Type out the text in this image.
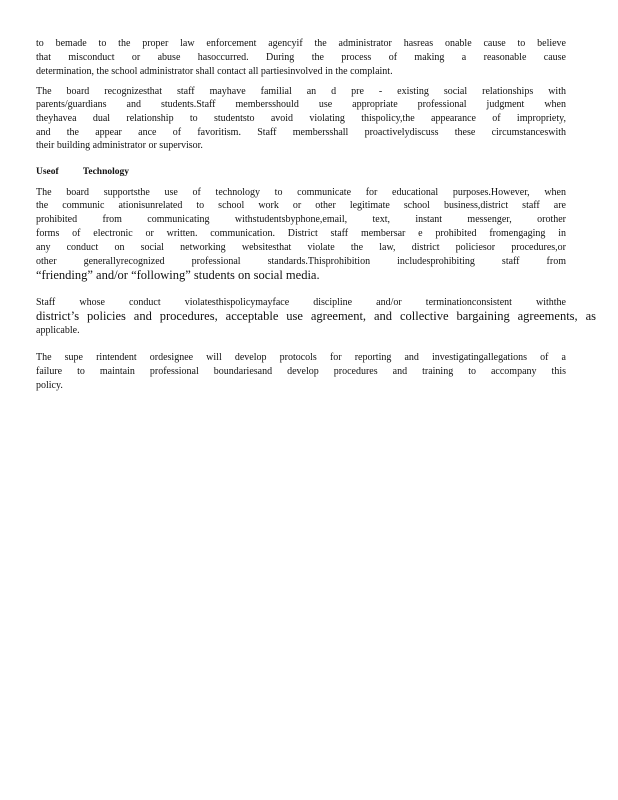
to bemade to the proper law enforcement agencyif the administrator hasreas onable cause to believe
that misconduct or abuse hasoccurred. During the process of making a reasonable cause
determination, the school administrator shall contact all partiesinvolved in the complaint.
The board recognizesthat staff mayhave familial an d pre - existing social relationships with
parents/guardians and students.Staff membersshould use appropriate professional judgment when
theyhavea dual relationship to studentsto avoid violating thispolicy,the appearance of impropriety,
and the appear ance of favoritism. Staff membersshall proactivelydiscuss these circumstanceswith
their building administrator or supervisor.
Useof Technology
The board supportsthe use of technology to communicate for educational purposes.However, when
the communic ationisunrelated to school work or other legitimate school business,district staff are
prohibited from communicating withstudentsbyphone,email, text, instant messenger, orother
forms of electronic or written. communication. District staff membersar e prohibited fromengaging in
any conduct on social networking websitesthat violate the law, district policiesor procedures,or
other generallyrecognized professional standards.Thisprohibition includesprohibiting staff from
“friending” and/or “following” students on social media.
Staff whose conduct violatesthispolicymayface discipline and/or terminationconsistent withthe
district’s policies and procedures, acceptable use agreement, and collective bargaining agreements, as
applicable.
The supe rintendent ordesignee will develop protocols for reporting and investigatingallegations of a
failure to maintain professional boundariesand develop procedures and training to accompany this
policy.
